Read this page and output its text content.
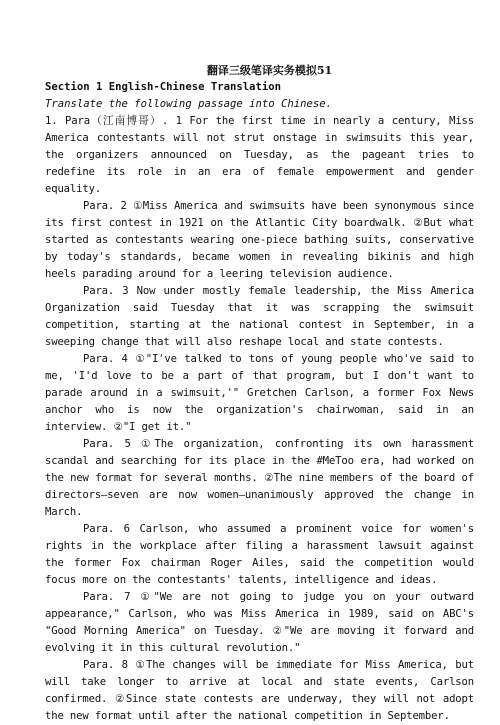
翻译三级笔译实务模拟51

Section 1 English-Chinese Translation

Translate the following passage into Chinese.

1. Para（江南博哥）. 1 For the first time in nearly a century, Miss America contestants will not strut onstage in swimsuits this year, the organizers announced on Tuesday, as the pageant tries to redefine its role in an era of female empowerment and gender equality.

Para. 2 ①Miss America and swimsuits have been synonymous since its first contest in 1921 on the Atlantic City boardwalk. ②But what started as contestants wearing one-piece bathing suits, conservative by today's standards, became women in revealing bikinis and high heels parading around for a leering television audience.

Para. 3 Now under mostly female leadership, the Miss America Organization said Tuesday that it was scrapping the swimsuit competition, starting at the national contest in September, in a sweeping change that will also reshape local and state contests.

Para. 4 ①"I've talked to tons of young people who've said to me, 'I'd love to be a part of that program, but I don't want to parade around in a swimsuit,'" Gretchen Carlson, a former Fox News anchor who is now the organization's chairwoman, said in an interview. ②"I get it."

Para. 5 ①The organization, confronting its own harassment scandal and searching for its place in the #MeToo era, had worked on the new format for several months. ②The nine members of the board of directors—seven are now women—unanimously approved the change in March.

Para. 6 Carlson, who assumed a prominent voice for women's rights in the workplace after filing a harassment lawsuit against the former Fox chairman Roger Ailes, said the competition would focus more on the contestants' talents, intelligence and ideas.

Para. 7 ①"We are not going to judge you on your outward appearance," Carlson, who was Miss America in 1989, said on ABC's "Good Morning America" on Tuesday. ②"We are moving it forward and evolving it in this cultural revolution."

Para. 8 ①The changes will be immediate for Miss America, but will take longer to arrive at local and state events, Carlson confirmed. ②Since state contests are underway, they will not adopt the new format until after the national competition in September.
